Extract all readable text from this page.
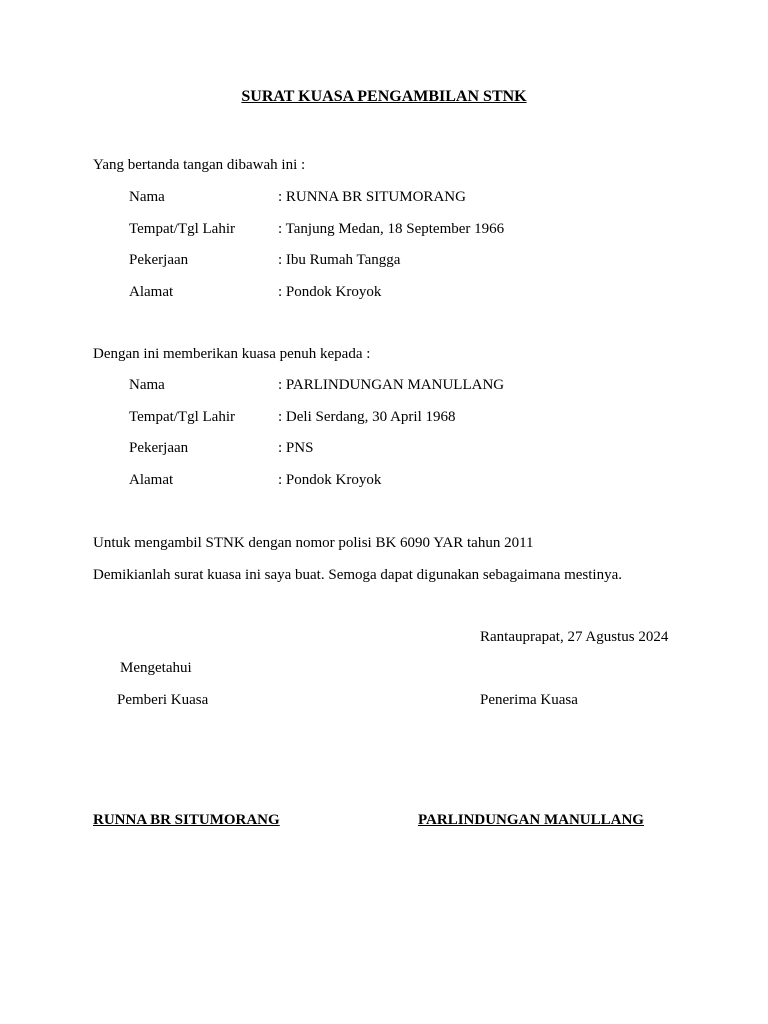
SURAT KUASA PENGAMBILAN STNK
Yang bertanda tangan dibawah ini :
Nama	: RUNNA BR SITUMORANG
Tempat/Tgl Lahir	: Tanjung Medan, 18 September 1966
Pekerjaan	: Ibu Rumah Tangga
Alamat	: Pondok Kroyok
Dengan ini memberikan kuasa penuh kepada :
Nama	: PARLINDUNGAN MANULLANG
Tempat/Tgl Lahir	: Deli Serdang, 30 April 1968
Pekerjaan	: PNS
Alamat	: Pondok Kroyok
Untuk mengambil STNK dengan nomor polisi BK 6090 YAR tahun 2011
Demikianlah surat kuasa ini saya buat. Semoga dapat digunakan sebagaimana mestinya.
Rantauprapat, 27 Agustus 2024
Mengetahui
Pemberi Kuasa	Penerima Kuasa
RUNNA BR SITUMORANG	PARLINDUNGAN MANULLANG
